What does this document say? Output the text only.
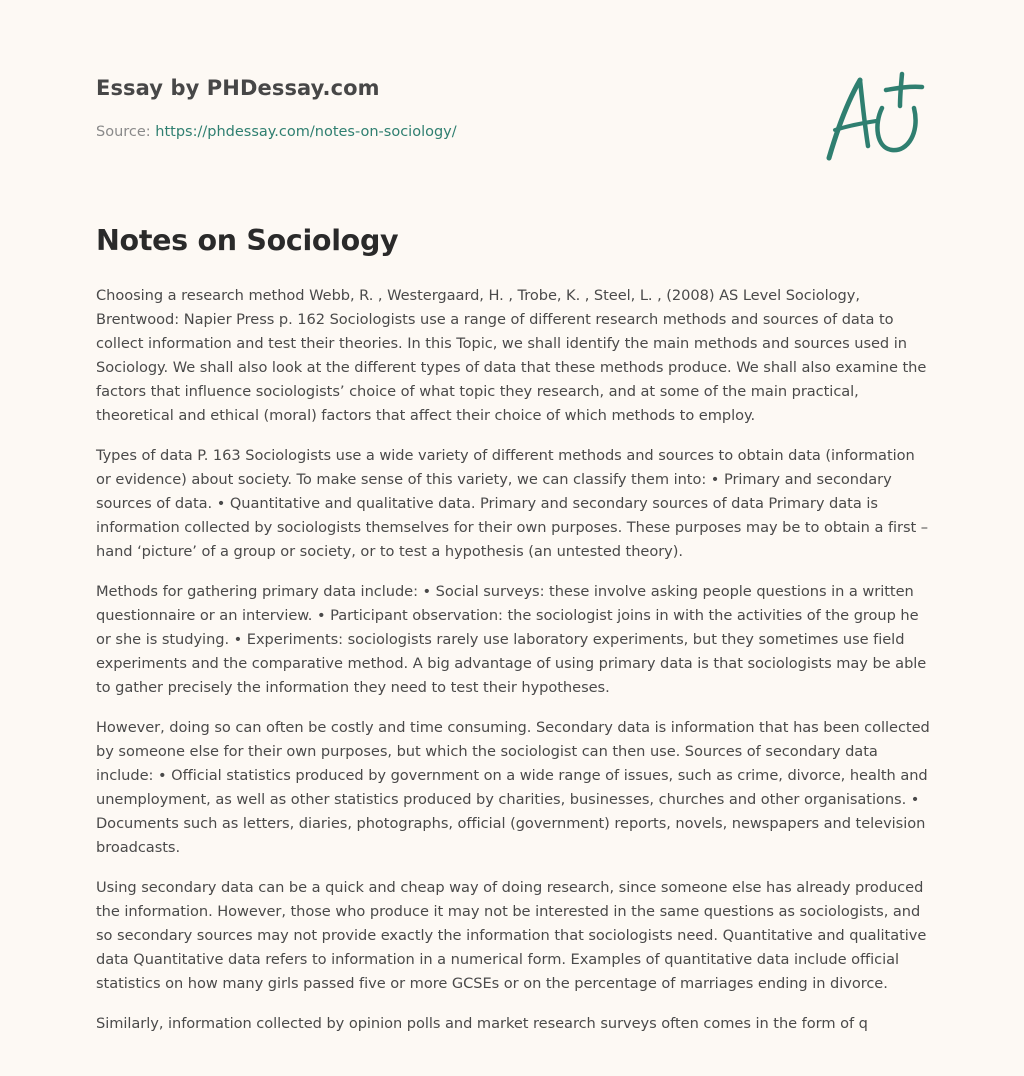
Essay by PHDessay.com
Source: https://phdessay.com/notes-on-sociology/
Notes on Sociology

Choosing a research method Webb, R. , Westergaard, H. , Trobe, K. , Steel, L. , (2008) AS Level Sociology, Brentwood: Napier Press p. 162 Sociologists use a range of different research methods and sources of data to collect information and test their theories. In this Topic, we shall identify the main methods and sources used in Sociology. We shall also look at the different types of data that these methods produce. We shall also examine the factors that influence sociologists’ choice of what topic they research, and at some of the main practical, theoretical and ethical (moral) factors that affect their choice of which methods to employ.

Types of data P. 163 Sociologists use a wide variety of different methods and sources to obtain data (information or evidence) about society. To make sense of this variety, we can classify them into: • Primary and secondary sources of data. • Quantitative and qualitative data. Primary and secondary sources of data Primary data is information collected by sociologists themselves for their own purposes. These purposes may be to obtain a first – hand ‘picture’ of a group or society, or to test a hypothesis (an untested theory).

Methods for gathering primary data include: • Social surveys: these involve asking people questions in a written questionnaire or an interview. • Participant observation: the sociologist joins in with the activities of the group he or she is studying. • Experiments: sociologists rarely use laboratory experiments, but they sometimes use field experiments and the comparative method. A big advantage of using primary data is that sociologists may be able to gather precisely the information they need to test their hypotheses.

However, doing so can often be costly and time consuming. Secondary data is information that has been collected by someone else for their own purposes, but which the sociologist can then use. Sources of secondary data include: • Official statistics produced by government on a wide range of issues, such as crime, divorce, health and unemployment, as well as other statistics produced by charities, businesses, churches and other organisations. • Documents such as letters, diaries, photographs, official (government) reports, novels, newspapers and television broadcasts.

Using secondary data can be a quick and cheap way of doing research, since someone else has already produced the information. However, those who produce it may not be interested in the same questions as sociologists, and so secondary sources may not provide exactly the information that sociologists need. Quantitative and qualitative data Quantitative data refers to information in a numerical form. Examples of quantitative data include official statistics on how many girls passed five or more GCSEs or on the percentage of marriages ending in divorce.

Similarly, information collected by opinion polls and market research surveys often comes in the form of q
